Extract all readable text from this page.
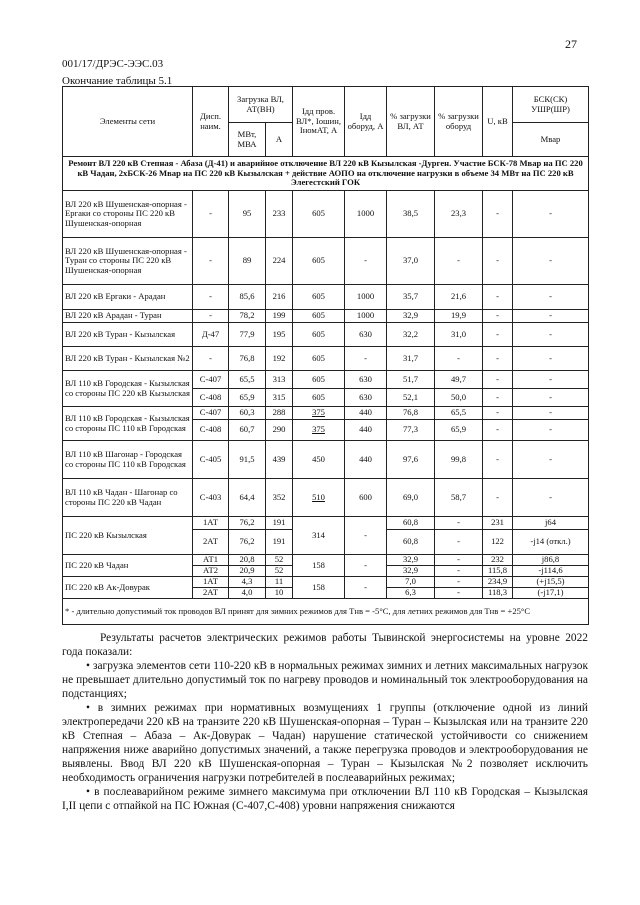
27
001/17/ДРЭС-ЭЭС.03
Окончание таблицы 5.1
Элементы сети	Дисп. наим.	Загрузка ВЛ, АТ(ВН)		Iдд пров. ВЛ*, Iошин, IномАТ, А	Iдд оборуд, А	% загрузки ВЛ, АТ	% загрузки оборуд	U, кВ	БСК(СК) УШР(ШР)
		МВт, МВА	А						Мвар
Ремонт ВЛ 220 кВ Степная - Абаза (Д-41) и аварийное отключение ВЛ 220 кВ Кызылская -Дурген. Участие БСК-78 Мвар на ПС 220 кВ Чадан, 2хБСК-26 Мвар на ПС 220 кВ Кызылская + действие АОПО на отключение нагрузки в объеме 34 МВт на ПС 220 кВ Элегестский ГОК									
ВЛ 220 кВ Шушенская-опорная - Ергаки со стороны ПС 220 кВ Шушенская-опорная	-	95	233	605	1000	38,5	23,3	-	-
ВЛ 220 кВ Шушенская-опорная - Туран со стороны ПС 220 кВ Шушенская-опорная	-	89	224	605	-	37,0	-	-	-
ВЛ 220 кВ Ергаки - Арадан	-	85,6	216	605	1000	35,7	21,6	-	-
ВЛ 220 кВ Арадан - Туран	-	78,2	199	605	1000	32,9	19,9	-	-
ВЛ 220 кВ Туран - Кызылская	Д-47	77,9	195	605	630	32,2	31,0	-	-
ВЛ 220 кВ Туран - Кызылская №2	-	76,8	192	605	-	31,7	-	-	-
ВЛ 110 кВ Городская - Кызылская со стороны ПС 220 кВ Кызылская	С-407	65,5	313	605	630	51,7	49,7	-	-
	С-408	65,9	315	605	630	52,1	50,0	-	-
ВЛ 110 кВ Городская - Кызылская со стороны ПС 110 кВ Городская	С-407	60,3	288	375	440	76,8	65,5	-	-
	С-408	60,7	290	375	440	77,3	65,9	-	-
ВЛ 110 кВ Шагонар - Городская со стороны ПС 110 кВ Городская	С-405	91,5	439	450	440	97,6	99,8	-	-
ВЛ 110 кВ Чадан - Шагонар со стороны ПС 220 кВ Чадан	С-403	64,4	352	510	600	69,0	58,7	-	-
ПС 220 кВ Кызылская	1АТ	76,2	191	314	-	60,8	-	231	j64
	2АТ	76,2	191			60,8	-	122	-j14 (откл.)
ПС 220 кВ Чадан	АТ1	20,8	52	158	-	32,9	-	232	j86,8
	АТ2	20,9	52			32,9	-	115,8	-j114,6
ПС 220 кВ Ак-Довурак	1АТ	4,3	11	158	-	7,0	-	234,9	(+j15,5)
	2АТ	4,0	10			6,3	-	118,3	(-j17,1)
* - длительно допустимый ток проводов ВЛ принят для зимних режимов для Тнв = -5°С, для летних режимов для Тнв = +25°С									

Результаты расчетов электрических режимов работы Тывинской энергосистемы на уровне 2022 года показали:

• загрузка элементов сети 110-220 кВ в нормальных режимах зимних и летних максимальных нагрузок не превышает длительно допустимый ток по нагреву проводов и номинальный ток электрооборудования на подстанциях;

• в зимних режимах при нормативных возмущениях 1 группы (отключение одной из линий электропередачи 220 кВ на транзите 220 кВ Шушенская-опорная – Туран – Кызылская или на транзите 220 кВ Степная – Абаза – Ак-Довурак – Чадан) нарушение статической устойчивости со снижением напряжения ниже аварийно допустимых значений, а также перегрузка проводов и электрооборудования не выявлены. Ввод ВЛ 220 кВ Шушенская-опорная – Туран – Кызылская №2 позволяет исключить необходимость ограничения нагрузки потребителей в послеаварийных режимах;

• в послеаварийном режиме зимнего максимума при отключении ВЛ 110 кВ Городская – Кызылская I,II цепи с отпайкой на ПС Южная (С-407,С-408) уровни напряжения снижаются
